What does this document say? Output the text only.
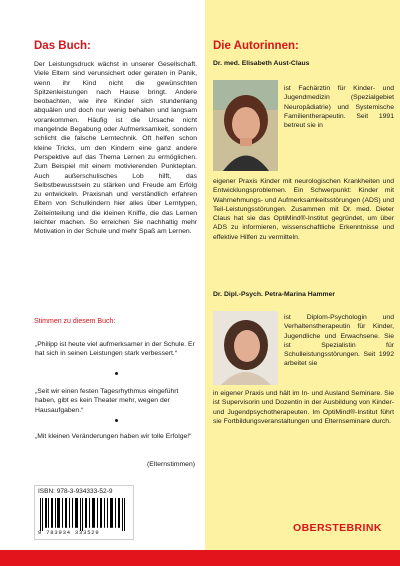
Das Buch:

Der Leistungsdruck wächst in unserer Gesellschaft. Viele Eltern sind verunsichert oder geraten in Panik, wenn ihr Kind nicht die gewünschten Spitzenleistungen nach Hause bringt. Andere beobachten, wie ihre Kinder sich stundenlang abquälen und doch nur wenig behalten und langsam vorankommen. Häufig ist die Ursache nicht mangelnde Begabung oder Aufmerksamkeit, sondern schlicht die falsche Lerntechnik. Oft helfen schon kleine Tricks, um den Kindern eine ganz andere Perspektive auf das Thema Lernen zu ermöglichen. Zum Beispiel mit einem motivierenden Punkteplan. Auch außerschulisches Lob hilft, das Selbstbewusstsein zu stärken und Freude am Erfolg zu entwickeln. Praxisnah und verständlich erfahren Eltern von Schulkindern hier alles über Lerntypen, Zeiteinteilung und die kleinen Kniffe, die das Lernen leichter machen. So erreichen Sie nachhaltig mehr Motivation in der Schule und mehr Spaß am Lernen.

Stimmen zu diesem Buch:

„Philipp ist heute viel aufmerksamer in der Schule. Er hat sich in seinen Leistungen stark verbessert.“

„Seit wir einen festen Tagesrhythmus eingeführt haben, gibt es kein Theater mehr, wegen der Hausaufgaben.“

„Mit kleinen Veränderungen haben wir tolle Erfolge!“

(Elternstimmen)

ISBN: 978-3-934333-52-9
9 783934 333529
Die Autorinnen:

Dr. med. Elisabeth Aust-Claus

ist Fachärztin für Kinder- und Jugendmedizin (Spezialgebiet Neuropädiatrie) und Systemische Familientherapeutin. Seit 1991 betreut sie in

eigener Praxis Kinder mit neurologischen Krankheiten und Entwicklungsproblemen. Ein Schwerpunkt: Kinder mit Wahrnehmungs- und Aufmerksamkeitsstörungen (ADS) und Teil-Leistungsstörungen. Zusammen mit Dr. med. Dieter Claus hat sie das OptiMind®-Institut gegründet, um über ADS zu informieren, wissenschaftliche Erkenntnisse und effektive Hilfen zu vermitteln.

Dr. Dipl.-Psych. Petra-Marina Hammer

ist Diplom-Psychologin und Verhaltenstherapeutin für Kinder, Jugendliche und Erwachsene. Sie ist Spezialistin für Schulleistungsstörungen. Seit 1992 arbeitet sie

in eigener Praxis und hält im In- und Ausland Seminare. Sie ist Supervisorin und Dozentin in der Ausbildung von Kinder- und Jugendpsychotherapeuten. Im OptiMind®-Institut führt sie Fortbildungsveranstaltungen und Elternseminare durch.

OBERSTEBRINK
